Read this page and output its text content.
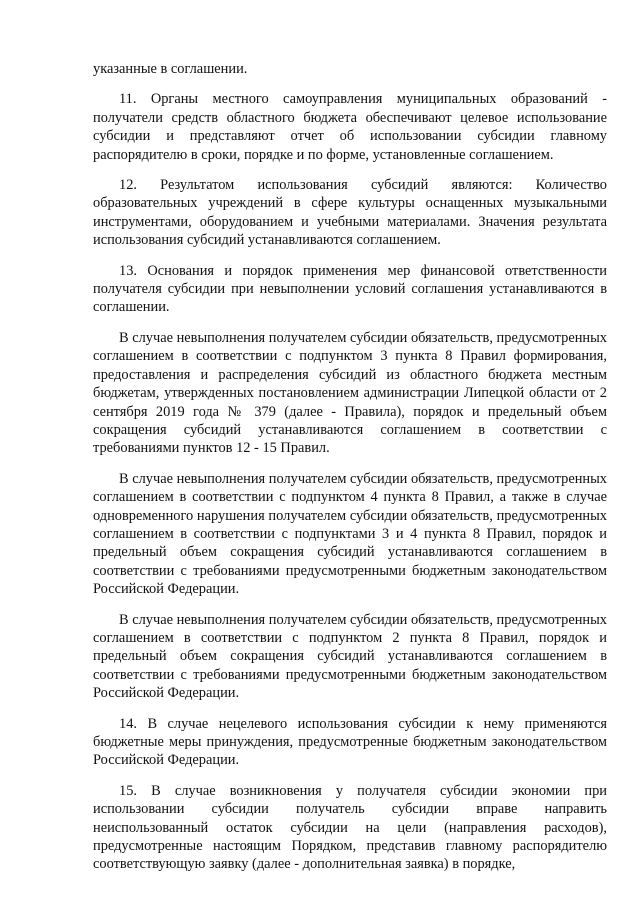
указанные в соглашении.

11. Органы местного самоуправления муниципальных образований - получатели средств областного бюджета обеспечивают целевое использование субсидии и представляют отчет об использовании субсидии главному распорядителю в сроки, порядке и по форме, установленные соглашением.

12. Результатом использования субсидий являются: Количество образовательных учреждений в сфере культуры оснащенных музыкальными инструментами, оборудованием и учебными материалами. Значения результата использования субсидий устанавливаются соглашением.

13. Основания и порядок применения мер финансовой ответственности получателя субсидии при невыполнении условий соглашения устанавливаются в соглашении.

В случае невыполнения получателем субсидии обязательств, предусмотренных соглашением в соответствии с подпунктом 3 пункта 8 Правил формирования, предоставления и распределения субсидий из областного бюджета местным бюджетам, утвержденных постановлением администрации Липецкой области от 2 сентября 2019 года № 379 (далее - Правила), порядок и предельный объем сокращения субсидий устанавливаются соглашением в соответствии с требованиями пунктов 12 - 15 Правил.

В случае невыполнения получателем субсидии обязательств, предусмотренных соглашением в соответствии с подпунктом 4 пункта 8 Правил, а также в случае одновременного нарушения получателем субсидии обязательств, предусмотренных соглашением в соответствии с подпунктами 3 и 4 пункта 8 Правил, порядок и предельный объем сокращения субсидий устанавливаются соглашением в соответствии с требованиями предусмотренными бюджетным законодательством Российской Федерации.

В случае невыполнения получателем субсидии обязательств, предусмотренных соглашением в соответствии с подпунктом 2 пункта 8 Правил, порядок и предельный объем сокращения субсидий устанавливаются соглашением в соответствии с требованиями предусмотренными бюджетным законодательством Российской Федерации.

14. В случае нецелевого использования субсидии к нему применяются бюджетные меры принуждения, предусмотренные бюджетным законодательством Российской Федерации.

15. В случае возникновения у получателя субсидии экономии при использовании субсидии получатель субсидии вправе направить неиспользованный остаток субсидии на цели (направления расходов), предусмотренные настоящим Порядком, представив главному распорядителю соответствующую заявку (далее - дополнительная заявка) в порядке,
